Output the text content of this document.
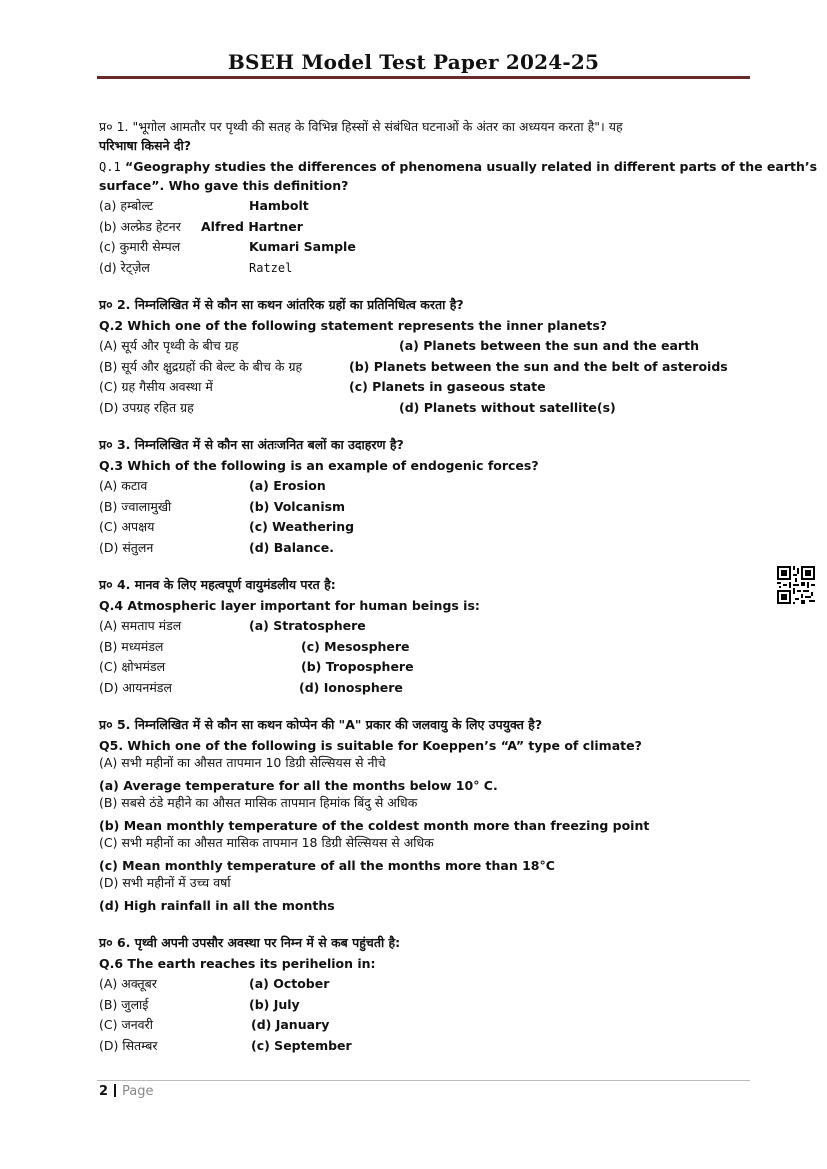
BSEH Model Test Paper 2024-25
प्र० 1. "भूगोल आमतौर पर पृथ्वी की सतह के विभिन्न हिस्सों से संबंधित घटनाओं के अंतर का अध्ययन करता है"। यह
परिभाषा किसने दी?
Q.1 “Geography studies the differences of phenomena usually related in different parts of the earth’s
surface”. Who gave this definition?
(a) हम्बोल्ट	Hambolt
(b) अल्फ्रेड हेटनर Alfred Hartner
(c) कुमारी सेम्पल	Kumari Sample
(d) रेट्ज़ेल	Ratzel
प्र० 2. निम्नलिखित में से कौन सा कथन आंतरिक ग्रहों का प्रतिनिधित्व करता है?
Q.2 Which one of the following statement represents the inner planets?
(A) सूर्य और पृथ्वी के बीच ग्रह	(a) Planets between the sun and the earth
(B) सूर्य और क्षुद्रग्रहों की बेल्ट के बीच के ग्रह	(b) Planets between the sun and the belt of asteroids
(C) ग्रह गैसीय अवस्था में	(c) Planets in gaseous state
(D) उपग्रह रहित ग्रह	(d) Planets without satellite(s)
प्र० 3. निम्नलिखित में से कौन सा अंतःजनित बलों का उदाहरण है?
Q.3 Which of the following is an example of endogenic forces?
(A) कटाव	(a) Erosion
(B) ज्वालामुखी	(b) Volcanism
(C) अपक्षय	(c) Weathering
(D) संतुलन	(d) Balance.
प्र० 4. मानव के लिए महत्वपूर्ण वायुमंडलीय परत है:
Q.4 Atmospheric layer important for human beings is:
(A) समताप मंडल	(a) Stratosphere
(B) मध्यमंडल	(c) Mesosphere
(C) क्षोभमंडल	(b) Troposphere
(D) आयनमंडल	(d) Ionosphere
प्र० 5. निम्नलिखित में से कौन सा कथन कोप्पेन की "A" प्रकार की जलवायु के लिए उपयुक्त है?
Q5. Which one of the following is suitable for Koeppen’s “A” type of climate?
(A) सभी महीनों का औसत तापमान 10 डिग्री सेल्सियस से नीचे
(a) Average temperature for all the months below 10° C.
(B) सबसे ठंडे महीने का औसत मासिक तापमान हिमांक बिंदु से अधिक
(b) Mean monthly temperature of the coldest month more than freezing point
(C) सभी महीनों का औसत मासिक तापमान 18 डिग्री सेल्सियस से अधिक
(c) Mean monthly temperature of all the months more than 18°C
(D) सभी महीनों में उच्च वर्षा
(d) High rainfall in all the months
प्र० 6. पृथ्वी अपनी उपसौर अवस्था पर निम्न में से कब पहुंचती है:
Q.6 The earth reaches its perihelion in:
(A) अक्तूबर	(a) October
(B) जुलाई	(b) July
(C) जनवरी	(d) January
(D) सितम्बर	(c) September
2 Page
